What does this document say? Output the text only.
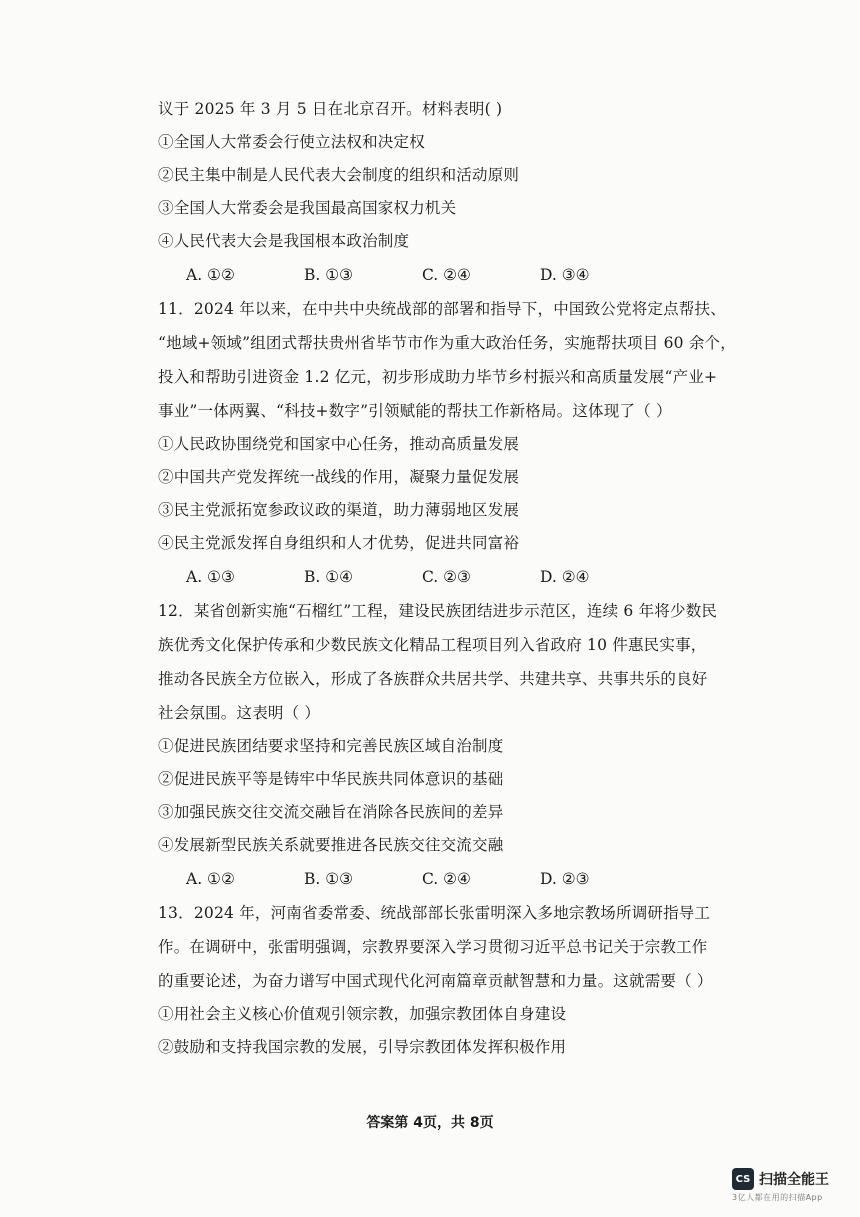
议于 2025 年 3 月 5 日在北京召开。材料表明( )
①全国人大常委会行使立法权和决定权
②民主集中制是人民代表大会制度的组织和活动原则
③全国人大常委会是我国最高国家权力机关
④人民代表大会是我国根本政治制度
A. ①②	B. ①③	C. ②④	D. ③④
11．2024 年以来，在中共中央统战部的部署和指导下，中国致公党将定点帮扶、
“地域+领域”组团式帮扶贵州省毕节市作为重大政治任务，实施帮扶项目 60 余个，
投入和帮助引进资金 1.2 亿元，初步形成助力毕节乡村振兴和高质量发展“产业+
事业”一体两翼、“科技+数字”引领赋能的帮扶工作新格局。这体现了（ ）
①人民政协围绕党和国家中心任务，推动高质量发展
②中国共产党发挥统一战线的作用，凝聚力量促发展
③民主党派拓宽参政议政的渠道，助力薄弱地区发展
④民主党派发挥自身组织和人才优势，促进共同富裕
A. ①③	B. ①④	C. ②③	D. ②④
12．某省创新实施“石榴红”工程，建设民族团结进步示范区，连续 6 年将少数民
族优秀文化保护传承和少数民族文化精品工程项目列入省政府 10 件惠民实事，
推动各民族全方位嵌入，形成了各族群众共居共学、共建共享、共事共乐的良好
社会氛围。这表明（ ）
①促进民族团结要求坚持和完善民族区域自治制度
②促进民族平等是铸牢中华民族共同体意识的基础
③加强民族交往交流交融旨在消除各民族间的差异
④发展新型民族关系就要推进各民族交往交流交融
A. ①②	B. ①③	C. ②④	D. ②③
13．2024 年，河南省委常委、统战部部长张雷明深入多地宗教场所调研指导工
作。在调研中，张雷明强调，宗教界要深入学习贯彻习近平总书记关于宗教工作
的重要论述，为奋力谱写中国式现代化河南篇章贡献智慧和力量。这就需要（ ）
①用社会主义核心价值观引领宗教，加强宗教团体自身建设
②鼓励和支持我国宗教的发展，引导宗教团体发挥积极作用
答案第 4页，共 8页
CS 扫描全能王
3亿人都在用的扫描App
